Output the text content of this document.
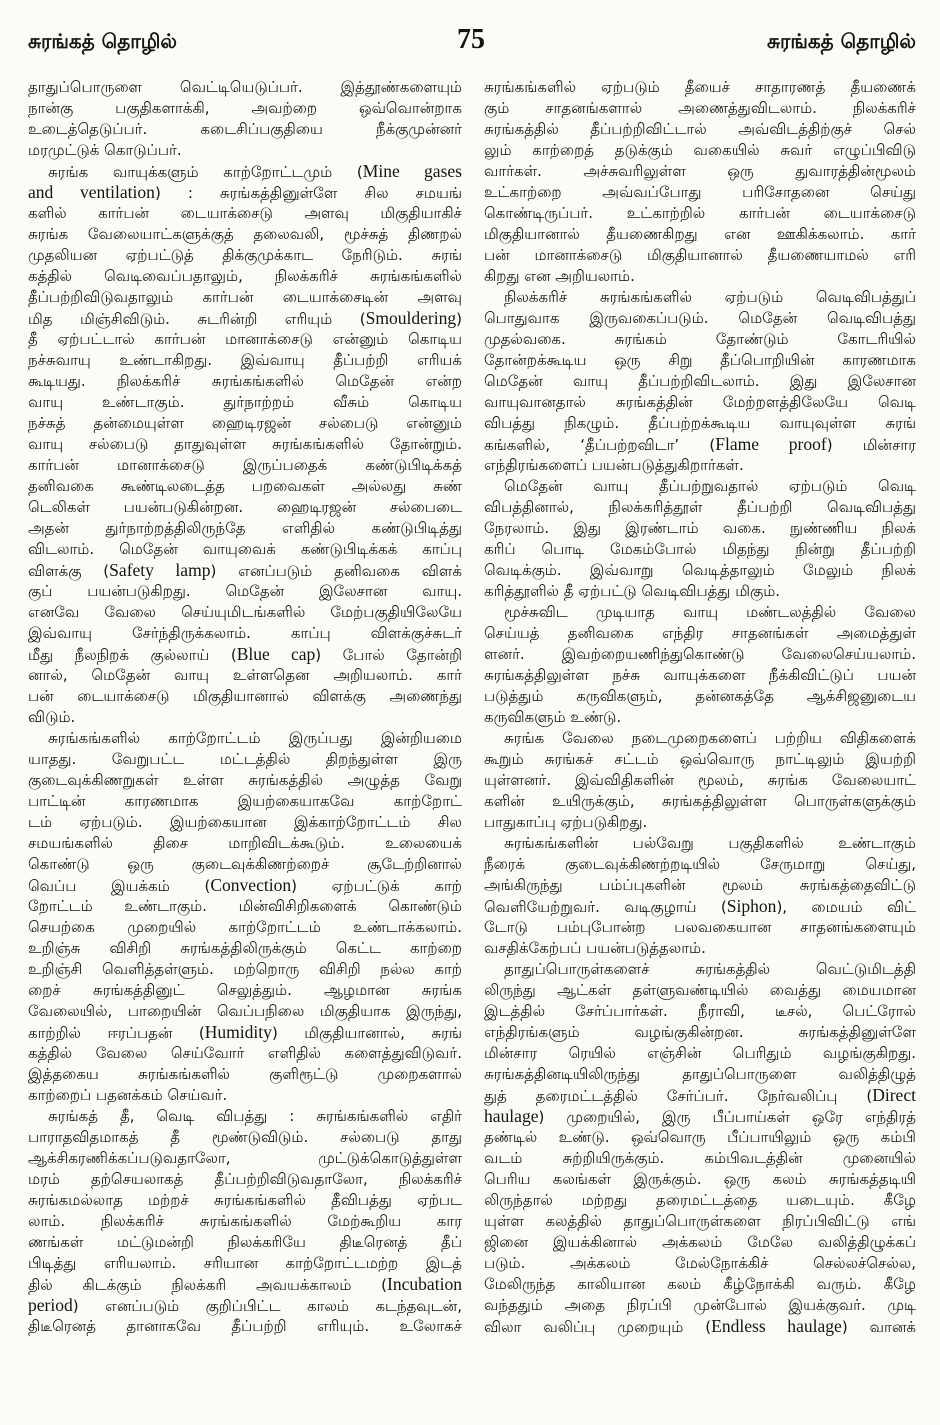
சுரங்கத் தொழில்	75	சுரங்கத் தொழில்
தாதுப்பொருளை வெட்டியெடுப்பர். இத்தூண்களையும்
நான்கு பகுதிகளாக்கி, அவற்றை ஒவ்வொன்றாக
உடைத்தெடுப்பர். கடைசிப்பகுதியை நீக்குமுன்னர்
மரமுட்டுக் கொடுப்பர்.
சுரங்க வாயுக்களும் காற்றோட்டமும் (Mine gases
and ventilation) : சுரங்கத்தினுள்ளே சில சமயங்
களில் கார்பன் டையாக்சைடு அளவு மிகுதியாகிச்
சுரங்க வேலையாட்களுக்குத் தலைவலி, மூச்சுத் திணறல்
முதலியன ஏற்பட்டுத் திக்குமுக்காட நேரிடும். சுரங்
கத்தில் வெடிவைப்பதாலும், நிலக்கரிச் சுரங்கங்களில்
தீப்பற்றிவிடுவதாலும் கார்பன் டையாக்சைடின் அளவு
மித மிஞ்சிவிடும். சுடரின்றி எரியும் (Smouldering)
தீ ஏற்பட்டால் கார்பன் மானாக்சைடு என்னும் கொடிய
நச்சுவாயு உண்டாகிறது. இவ்வாயு தீப்பற்றி எரியக்
கூடியது. நிலக்கரிச் சுரங்கங்களில் மெதேன் என்ற
வாயு உண்டாகும். துர்நாற்றம் வீசும் கொடிய
நச்சுத் தன்மையுள்ள ஹைடிரஜன் சல்பைடு என்னும்
வாயு சல்பைடு தாதுவுள்ள சுரங்கங்களில் தோன்றும்.
கார்பன் மானாக்சைடு இருப்பதைக் கண்டுபிடிக்கத்
தனிவகை கூண்டிலடைத்த பறவைகள் அல்லது சுண்
டெலிகள் பயன்படுகின்றன. ஹைடிரஜன் சல்பைடை
அதன் துர்நாற்றத்திலிருந்தே எளிதில் கண்டுபிடித்து
விடலாம். மெதேன் வாயுவைக் கண்டுபிடிக்கக் காப்பு
விளக்கு (Safety lamp) எனப்படும் தனிவகை விளக்
குப் பயன்படுகிறது. மெதேன் இலேசான வாயு.
எனவே வேலை செய்யுமிடங்களில் மேற்பகுதியிலேயே
இவ்வாயு சேர்ந்திருக்கலாம். காப்பு விளக்குச்சுடர்
மீது நீலநிறக் குல்லாய் (Blue cap) போல் தோன்றி
னால், மெதேன் வாயு உள்ளதென அறியலாம். கார்
பன் டையாக்சைடு மிகுதியானால் விளக்கு அணைந்து
விடும்.
சுரங்கங்களில் காற்றோட்டம் இருப்பது இன்றியமை
யாதது. வேறுபட்ட மட்டத்தில் திறந்துள்ள இரு
குடைவுக்கிணறுகள் உள்ள சுரங்கத்தில் அழுத்த வேறு
பாட்டின் காரணமாக இயற்கையாகவே காற்றோட்
டம் ஏற்படும். இயற்கையான இக்காற்றோட்டம் சில
சமயங்களில் திசை மாறிவிடக்கூடும். உலையைக்
கொண்டு ஒரு குடைவுக்கிணற்றைச் சூடேற்றினால்
வெப்ப இயக்கம் (Convection) ஏற்பட்டுக் காற்
றோட்டம் உண்டாகும். மின்விசிறிகளைக் கொண்டும்
செயற்கை முறையில் காற்றோட்டம் உண்டாக்கலாம்.
உறிஞ்சு விசிறி சுரங்கத்திலிருக்கும் கெட்ட காற்றை
உறிஞ்சி வெளித்தள்ளும். மற்றொரு விசிறி நல்ல காற்
றைச் சுரங்கத்தினுட் செலுத்தும். ஆழமான சுரங்க
வேலையில், பாறையின் வெப்பநிலை மிகுதியாக இருந்து,
காற்றில் ஈரப்பதன் (Humidity) மிகுதியானால், சுரங்
கத்தில் வேலை செய்வோர் எளிதில் களைத்துவிடுவர்.
இத்தகைய சுரங்கங்களில் குளிரூட்டு முறைகளால்
காற்றைப் பதனக்கம் செய்வர்.
சுரங்கத் தீ, வெடி விபத்து : சுரங்கங்களில் எதிர்
பாராதவிதமாகத் தீ மூண்டுவிடும். சல்பைடு தாது
ஆக்சிகரணிக்கப்படுவதாலோ, முட்டுக்கொடுத்துள்ள
மரம் தற்செயலாகத் தீப்பற்றிவிடுவதாலோ, நிலக்கரிச்
சுரங்கமல்லாத மற்றச் சுரங்கங்களில் தீவிபத்து ஏற்பட
லாம். நிலக்கரிச் சுரங்கங்களில் மேற்கூறிய கார
ணங்கள் மட்டுமன்றி நிலக்கரியே திடீரெனத் தீப்
பிடித்து எரியலாம். சரியான காற்றோட்டமற்ற இடத்
தில் கிடக்கும் நிலக்கரி அவயக்காலம் (Incubation
period) எனப்படும் குறிப்பிட்ட காலம் கடந்தவுடன்,
திடீரெனத் தானாகவே தீப்பற்றி எரியும். உலோகச்
சுரங்கங்களில் ஏற்படும் தீயைச் சாதாரணத் தீயணைக்
கும் சாதனங்களால் அணைத்துவிடலாம். நிலக்கரிச்
சுரங்கத்தில் தீப்பற்றிவிட்டால் அவ்விடத்திற்குச் செல்
லும் காற்றைத் தடுக்கும் வகையில் சுவர் எழுப்பிவிடு
வார்கள். அச்சுவரிலுள்ள ஒரு துவாரத்தின்மூலம்
உட்காற்றை அவ்வப்போது பரிசோதனை செய்து
கொண்டிருப்பர். உட்காற்றில் கார்பன் டையாக்சைடு
மிகுதியானால் தீயணைகிறது என ஊகிக்கலாம். கார்
பன் மானாக்சைடு மிகுதியானால் தீயணையாமல் எரி
கிறது என அறியலாம்.
நிலக்கரிச் சுரங்கங்களில் ஏற்படும் வெடிவிபத்துப்
பொதுவாக இருவகைப்படும். மெதேன் வெடிவிபத்து
முதல்வகை. சுரங்கம் தோண்டும் கோடரியில்
தோன்றக்கூடிய ஒரு சிறு தீப்பொறியின் காரணமாக
மெதேன் வாயு தீப்பற்றிவிடலாம். இது இலேசான
வாயுவானதால் சுரங்கத்தின் மேற்றளத்திலேயே வெடி
விபத்து நிகழும். தீப்பற்றக்கூடிய வாயுவுள்ள சுரங்
கங்களில், ‘தீப்பற்றவிடா’ (Flame proof) மின்சார
எந்திரங்களைப் பயன்படுத்துகிறார்கள்.
மெதேன் வாயு தீப்பற்றுவதால் ஏற்படும் வெடி
விபத்தினால், நிலக்கரித்தூள் தீப்பற்றி வெடிவிபத்து
நேரலாம். இது இரண்டாம் வகை. நுண்ணிய நிலக்
கரிப் பொடி மேகம்போல் மிதந்து நின்று தீப்பற்றி
வெடிக்கும். இவ்வாறு வெடித்தாலும் மேலும் நிலக்
கரித்தூளில் தீ ஏற்பட்டு வெடிவிபத்து மிகும்.
மூச்சுவிட முடியாத வாயு மண்டலத்தில் வேலை
செய்யத் தனிவகை எந்திர சாதனங்கள் அமைத்துள்
ளனர். இவற்றையணிந்துகொண்டு வேலைசெய்யலாம்.
சுரங்கத்திலுள்ள நச்சு வாயுக்களை நீக்கிவிட்டுப் பயன்
படுத்தும் கருவிகளும், தன்னகத்தே ஆக்சிஜனுடைய
கருவிகளும் உண்டு.
சுரங்க வேலை நடைமுறைகளைப் பற்றிய விதிகளைக்
கூறும் சுரங்கச் சட்டம் ஒவ்வொரு நாட்டிலும் இயற்றி
யுள்ளனர். இவ்விதிகளின் மூலம், சுரங்க வேலையாட்
களின் உயிருக்கும், சுரங்கத்திலுள்ள பொருள்களுக்கும்
பாதுகாப்பு ஏற்படுகிறது.
சுரங்கங்களின் பல்வேறு பகுதிகளில் உண்டாகும்
நீரைக் குடைவுக்கிணற்றடியில் சேருமாறு செய்து,
அங்கிருந்து பம்ப்புகளின் மூலம் சுரங்கத்தைவிட்டு
வெளியேற்றுவர். வடிகுழாய் (Siphon), மையம் விட்
டோடு பம்புபோன்ற பலவகையான சாதனங்களையும்
வசதிக்கேற்பப் பயன்படுத்தலாம்.
தாதுப்பொருள்களைச் சுரங்கத்தில் வெட்டுமிடத்தி
லிருந்து ஆட்கள் தள்ளுவண்டியில் வைத்து மையமான
இடத்தில் சேர்ப்பார்கள். நீராவி, டீசல், பெட்ரோல்
எந்திரங்களும் வழங்குகின்றன. சுரங்கத்தினுள்ளே
மின்சார ரெயில் எஞ்சின் பெரிதும் வழங்குகிறது.
சுரங்கத்தினடியிலிருந்து தாதுப்பொருளை வலித்திழுத்
துத் தரைமட்டத்தில் சேர்ப்பர். நேர்வலிப்பு (Direct
haulage) முறையில், இரு பீப்பாய்கள் ஒரே எந்திரத்
தண்டில் உண்டு. ஒவ்வொரு பீப்பாயிலும் ஒரு கம்பி
வடம் சுற்றியிருக்கும். கம்பிவடத்தின் முனையில்
பெரிய கலங்கள் இருக்கும். ஒரு கலம் சுரங்கத்தடியி
லிருந்தால் மற்றது தரைமட்டத்தை யடையும். கீழே
யுள்ள கலத்தில் தாதுப்பொருள்களை நிரப்பிவிட்டு எங்
ஜினை இயக்கினால் அக்கலம் மேலே வலித்திழுக்கப்
படும். அக்கலம் மேல்நோக்கிச் செல்லச்செல்ல,
மேலிருந்த காலியான கலம் கீழ்நோக்கி வரும். கீழே
வந்ததும் அதை நிரப்பி முன்போல் இயக்குவர். முடி
விலா வலிப்பு முறையும் (Endless haulage) வானக்
